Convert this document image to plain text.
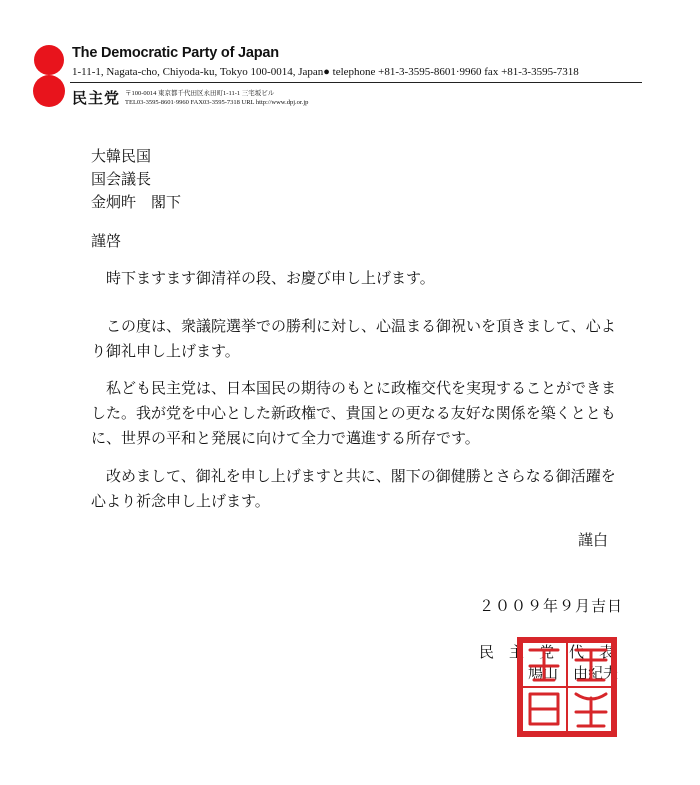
The Democratic Party of Japan
1-11-1, Nagata-cho, Chiyoda-ku, Tokyo 100-0014, Japan● telephone +81-3-3595-8601·9960 fax +81-3-3595-7318
民主党 〒100-0014 東京都千代田区永田町1-11-1 三宅坂ビル
TEL03-3595-8601·9960 FAX03-3595-7318 URL http://www.dpj.or.jp
大韓民国
国会議長
金炯旿　閣下
謹啓
時下ますます御清祥の段、お慶び申し上げます。
この度は、衆議院選挙での勝利に対し、心温まる御祝いを頂きまして、心より御礼申し上げます。
私ども民主党は、日本国民の期待のもとに政権交代を実現することができました。我が党を中心とした新政権で、貴国との更なる友好な関係を築くとともに、世界の平和と発展に向けて全力で邁進する所存です。
改めまして、御礼を申し上げますと共に、閣下の御健勝とさらなる御活躍を心より祈念申し上げます。
謹白
２００９年９月吉日
民　主　党　代　表
鳩山　由紀夫
